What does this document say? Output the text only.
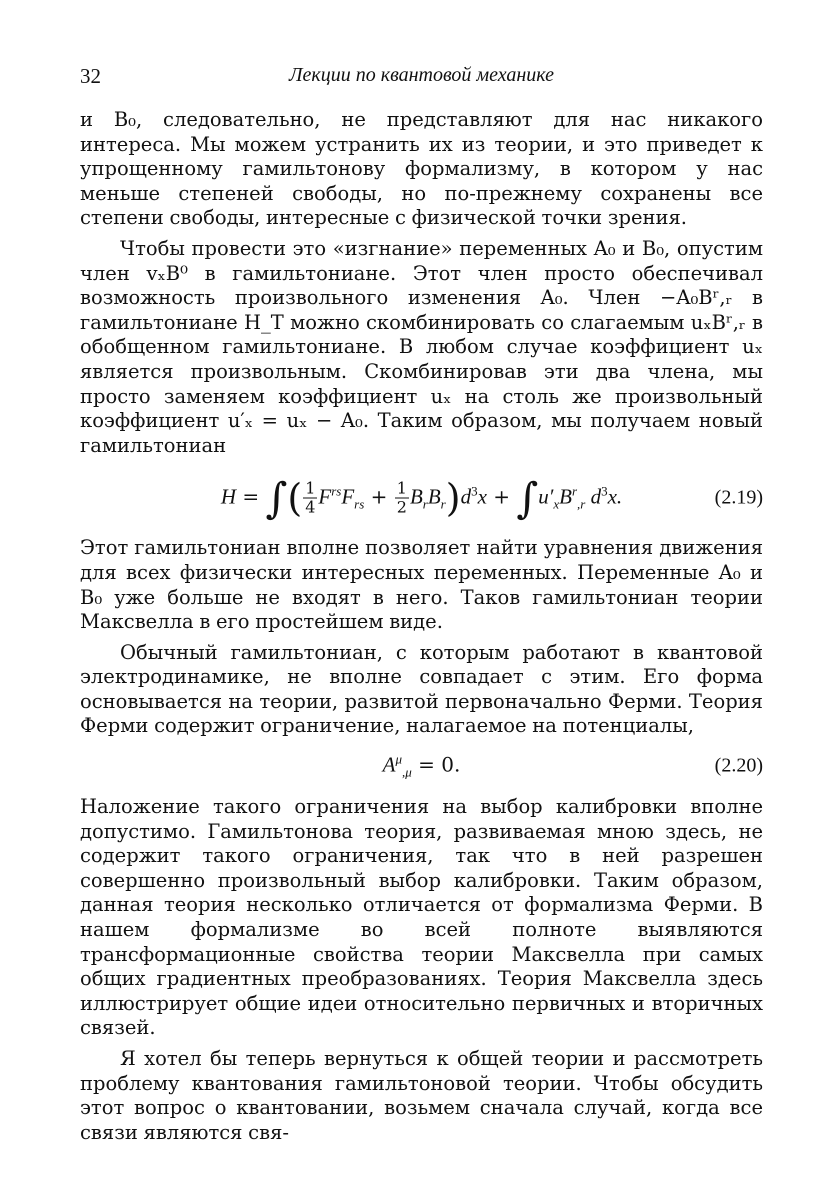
32	Лекции по квантовой механике

и B₀, следовательно, не представляют для нас никакого интереса. Мы можем устранить их из теории, и это приведет к упрощенному гамильтонову формализму, в котором у нас меньше степеней свободы, но по-прежнему сохранены все степени свободы, интересные с физической точки зрения.

Чтобы провести это «изгнание» переменных A₀ и B₀, опустим член vₓB⁰ в гамильтониане. Этот член просто обеспечивал возможность произвольного изменения A₀. Член −A₀Bʳ,ᵣ в гамильтониане H_T можно скомбинировать со слагаемым uₓBʳ,ᵣ в обобщенном гамильтониане. В любом случае коэффициент uₓ является произвольным. Скомбинировав эти два члена, мы просто заменяем коэффициент uₓ на столь же произвольный коэффициент u′ₓ = uₓ − A₀. Таким образом, мы получаем новый гамильтониан

H = ∫( $\frac{1}{4} F^{rs}F_{rs} + \frac{1}{2} B_rB_r)d^3x + \int u'_xB^r_{,r}$ $d^3x$.	(2.19)

Этот гамильтониан вполне позволяет найти уравнения движения для всех физически интересных переменных. Переменные A₀ и B₀ уже больше не входят в него. Таков гамильтониан теории Максвелла в его простейшем виде.

Обычный гамильтониан, с которым работают в квантовой электродинамике, не вполне совпадает с этим. Его форма основывается на теории, развитой первоначально Ферми. Теория Ферми содержит ограничение, налагаемое на потенциалы,

$A^\mu_{,\mu} = 0$.	(2.20)

Наложение такого ограничения на выбор калибровки вполне допустимо. Гамильтонова теория, развиваемая мною здесь, не содержит такого ограничения, так что в ней разрешен совершенно произвольный выбор калибровки. Таким образом, данная теория несколько отличается от формализма Ферми. В нашем формализме во всей полноте выявляются трансформационные свойства теории Максвелла при самых общих градиентных преобразованиях. Теория Максвелла здесь иллюстрирует общие идеи относительно первичных и вторичных связей.

Я хотел бы теперь вернуться к общей теории и рассмотреть проблему квантования гамильтоновой теории. Чтобы обсудить этот вопрос о квантовании, возьмем сначала случай, когда все связи являются свя-
